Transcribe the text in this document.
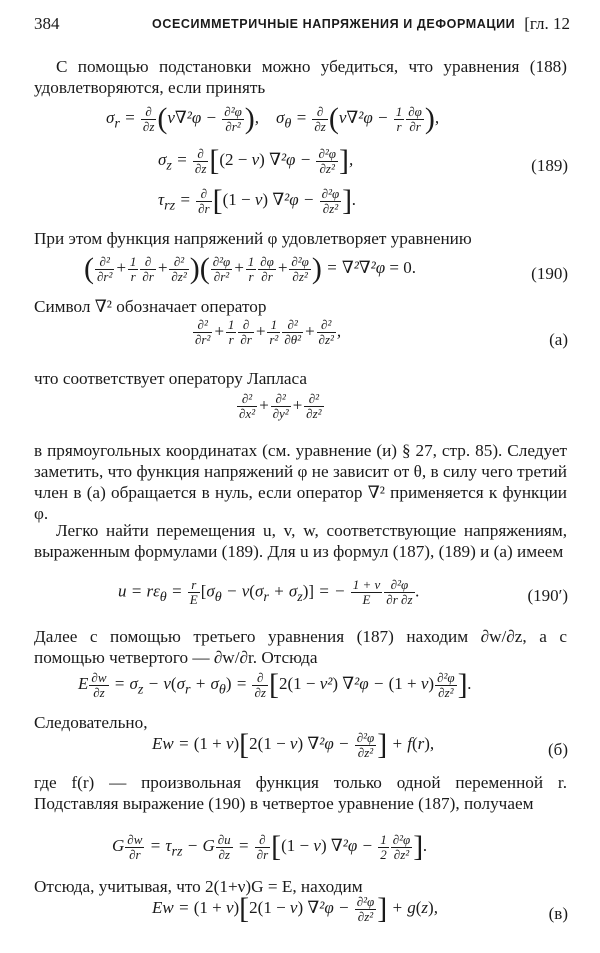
384	ОСЕСИММЕТРИЧНЫЕ НАПРЯЖЕНИЯ И ДЕФОРМАЦИИ [гл. 12
С помощью подстановки можно убедиться, что уравнения (188) удовлетворяются, если принять
$\sigma_r = \frac{\partial}{\partial z} (\nu\nabla^2\varphi - \frac{\text{∂²φ}}{\text{∂r²}}$ ),    $\sigma_\theta = \frac{\partial}{\partial z} (\nu\nabla^2\varphi - \frac{1}{r} \frac{\partial\varphi}{\partial r}$ ),
$\sigma_z = \frac{\partial}{\partial z} [(2 - \nu) \nabla^2\varphi - \frac{\text{∂²φ}}{\text{∂z²}}$ ],	(189)
$\tau_{rz} = \frac{\partial}{\partial r} [(1 - \nu) \nabla^2\varphi - \frac{\text{∂²φ}}{\text{∂z²}}$ ].
При этом функция напряжений φ удовлетворяет уравнению
( $\frac{\text{∂²}}{\text{∂r²}} + \frac{1}{r} \frac{\partial}{\partial r} + \frac{\text{∂²}}{\text{∂z²}}$ )( $\frac{\text{∂²φ}}{\text{∂r²}} + \frac{1}{r} \frac{\partial\varphi}{\partial r} + \frac{\text{∂²φ}}{\text{∂z²}}$ ) = ∇²∇²φ = 0.	(190)
Символ ∇² обозначает оператор
$\frac{\text{∂²}}{\text{∂r²}} + \frac{1}{r} \frac{\partial}{\partial r} + \frac{1}{\text{r²}} \frac{\text{∂²}}{\text{∂θ²}} + \frac{\text{∂²}}{\text{∂z²}}$ ,	(а)
что соответствует оператору Лапласа
$\frac{\text{∂²}}{\text{∂x²}} + \frac{\text{∂²}}{\text{∂y²}} + \frac{\text{∂²}}{\text{∂z²}}$
в прямоугольных координатах (см. уравнение (и) § 27, стр. 85). Следует заметить, что функция напряжений φ не зависит от θ, в силу чего третий член в (а) обращается в нуль, если оператор ∇² применяется к функции φ.
Легко найти перемещения u, v, w, соответствующие напряжениям, выраженным формулами (189). Для u из формул (187), (189) и (а) имеем
$u = r\varepsilon_\theta = \frac{r}{E} [\sigma_\theta - \nu(\sigma_r + \sigma_z)]$ = − $\frac{1 + \nu}{E} \frac{\text{∂²φ}}{\partial r \partial z}$ .	(190′)
Далее с помощью третьего уравнения (187) находим ∂w/∂z, а с помощью четвертого — ∂w/∂r. Отсюда
E $\frac{\partial w}{\partial z} = \sigma_z - \nu(\sigma_r + \sigma_\theta) = \frac{\partial}{\partial z} [2(1 - \nu^2) \nabla^2\varphi - (1 + \nu) \frac{\text{∂²φ}}{\text{∂z²}}$ ].
Следовательно,
Ew = (1 + ν)[2(1 − ν) $\nabla^2\varphi - \frac{\text{∂²φ}}{\text{∂z²}}$ ] + f(r),	(б)
где f(r) — произвольная функция только одной переменной r. Подставляя выражение (190) в четвертое уравнение (187), получаем
G $\frac{\partial w}{\partial r} = \tau_{rz} - G \frac{\partial u}{\partial z} = \frac{\partial}{\partial r} [(1 - \nu) \nabla^2\varphi - \frac{1}{2} \frac{\text{∂²φ}}{\text{∂z²}}$ ].
Отсюда, учитывая, что 2(1+ν)G = E, находим
Ew = (1 + ν)[2(1 − ν) $\nabla^2\varphi - \frac{\text{∂²φ}}{\text{∂z²}}$ ] + g(z),	(в)
